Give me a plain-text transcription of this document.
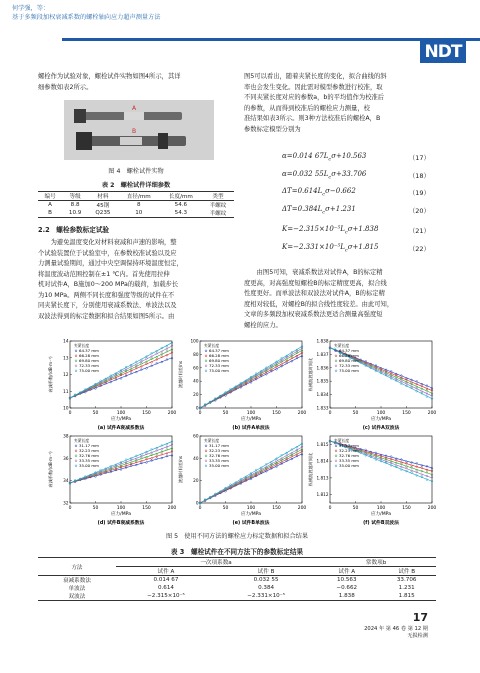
何学强，等：
基于多频段加权衰减系数的螺栓轴向应力超声测量方法
NDT
螺栓作为试验对象，螺栓试件实物如图4所示，其详
细参数如表2所示。
A
B
图 4　螺栓试件实物
表 2　螺栓试件详细参数
编号	等级	材料	直径/mm	长度/mm	类型
A	8.8	45钢	8	54.6	半螺纹
B	10.9	Q235	10	54.3	半螺纹
2.2　螺栓参数标定试验
　　为避免温度变化对材料衰减和声速的影响，整
个试验装置位于试验室中，在参数校准试验以及应
力测量试验期间，通过中央空调保持环境温度恒定，
将温度波动范围控制在±1 ℃内。首先使用拉伸
机对试件A，B施加0～200 MPa的载荷，加载步长
为10 MPa。两侧不同长度和强度等级的试件在不
同夹紧长度下，分别使用衰减系数法、单波法以及
双波法得到的标定数据和拟合结果如图5所示。由
图5可以看出，随着夹紧长度的变化，拟合曲线的斜
率也会发生变化。因此需对模型参数进行校准，取
不同夹紧长度对应的参数a，b的平均值作为校准后
的参数，从而得到校准后的螺栓应力测量，校
准结果如表3所示。则3种方法校准后的螺栓A，B
参数标定模型分别为
α=0.014 $67L_c\sigma+10.563$	（17）
α=0.032 $55L_c\sigma+33.706$	（18）
$\Delta T=0.614L_c\sigma-0.662$	（19）
$\Delta T=0.384L_c\sigma+1.231$	（20）
$K=-2.315\times 10^{-5}L_c\sigma+1.838$	（21）
$K=-2.331\times 10^{-5}L_c\sigma+1.815$	（22）
　　由图5可知，衰减系数法对试件A，B的标定精
度更高，对高强度短螺栓B的标定精度更高，拟合线
性度更好。而单波法和双波法对试件A，B的标定精
度相对较低，对螺栓B的拟合线性度较差。由此可知，
文章的多频段加权衰减系数法更适合测量高强度短
螺栓的应力。
0	50	100	150	200
10
11
12
13
14
应力/MPa
衰减系数/(dB·m⁻¹)
夹紧长度
64.37 mm
66.28 mm
69.80 mm
72.33 mm
75.00 mm
(a) 试件A衰减系数法
0	50	100	150	200
0
20
40
60
80
100
应力/MPa
渡越时间差/ns
夹紧长度
64.37 mm
66.28 mm
69.80 mm
72.33 mm
75.00 mm
(b) 试件A单波法
0	50	100	150	200
1.833
1.834
1.835
1.836
1.837
1.838
应力/MPa
纵横波渡越时间比
夹紧长度
64.37 mm
66.28 mm
69.80 mm
72.33 mm
75.00 mm
(c) 试件A双波法
0	50	100	150	200
32
34
36
38
应力/MPa
衰减系数/(dB·m⁻¹)
夹紧长度
31.17 mm
32.23 mm
32.76 mm
33.35 mm
35.00 mm
(d) 试件B衰减系数法
0	50	100	150	200
0
20
40
60
应力/MPa
渡越时间差/ns
夹紧长度
31.17 mm
32.23 mm
32.76 mm
33.35 mm
35.00 mm
(e) 试件B单波法
0	50	100	150	200
1.812
1.813
1.814
1.815
应力/MPa
纵横波渡越时间比
夹紧长度
31.17 mm
32.23 mm
32.76 mm
33.35 mm
35.00 mm
(f) 试件B双波法
图 5　使用不同方法的螺栓应力标定数据和拟合结果
表 3　螺栓试件在不同方法下的参数标定结果
方法	一次项系数a		常数项b	
	试件 A	试件 B	试件 A	试件 B
衰减系数法	0.014 67	0.032 55	10.563	33.706
单波法	0.614	0.384	−0.662	1.231
双波法	−2.315×10⁻⁵	−2.331×10⁻⁵	1.838	1.815
17
2024 年 第 46 卷 第 12 期
无损检测
